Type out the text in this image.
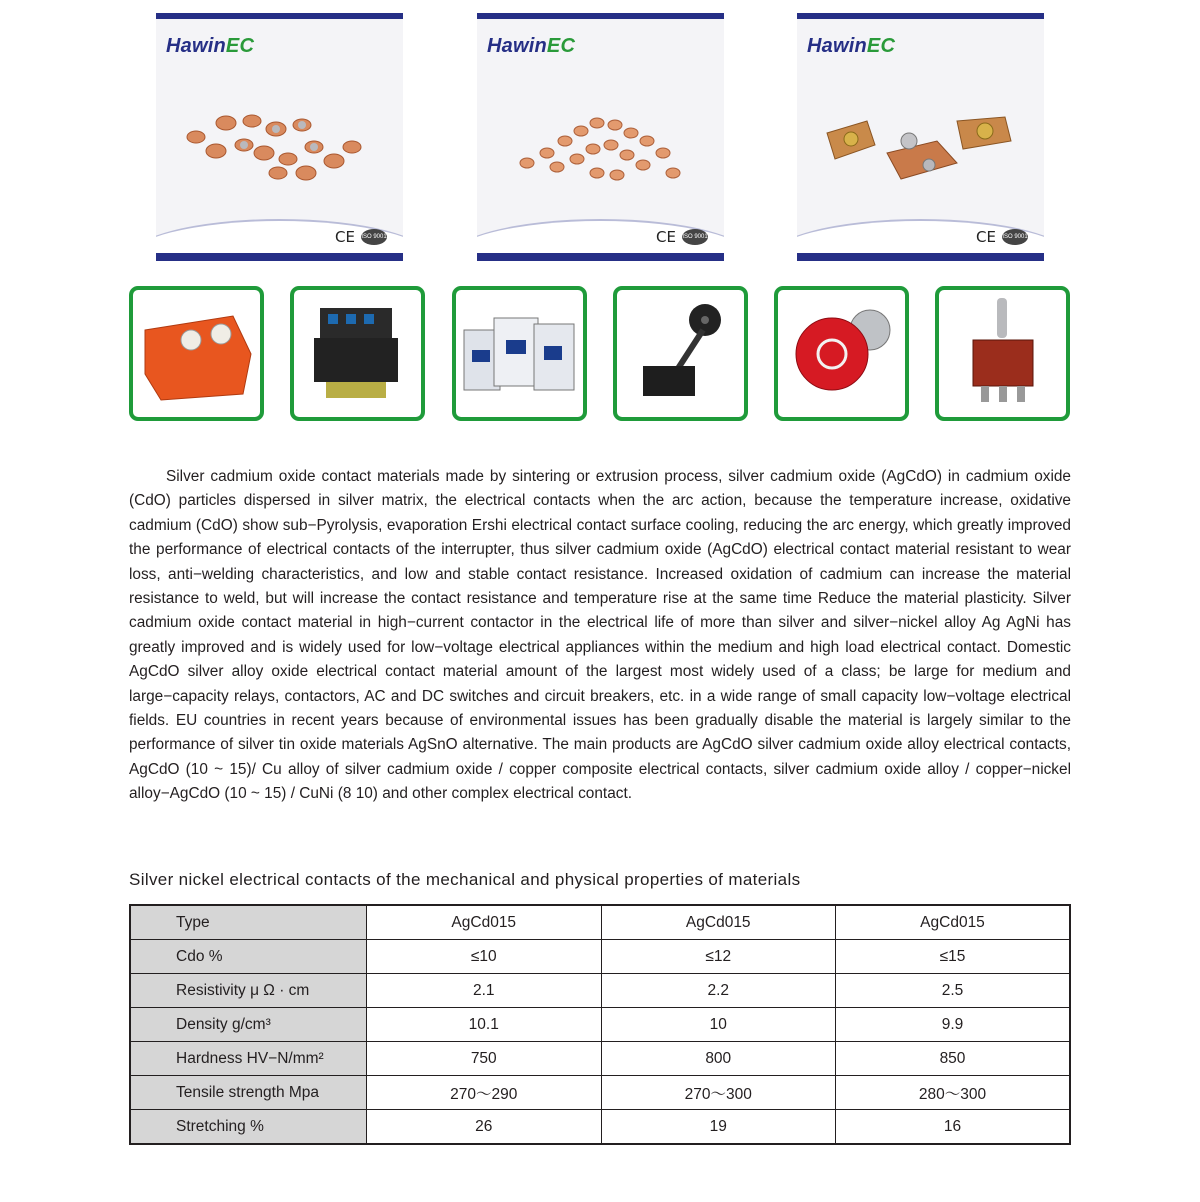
HawinEC
CE ISO 9001
HawinEC
CE ISO 9001
HawinEC
CE ISO 9001

Silver cadmium oxide contact materials made by sintering or extrusion process, silver cadmium oxide (AgCdO) in cadmium oxide (CdO) particles dispersed in silver matrix, the electrical contacts when the arc action, because the temperature increase, oxidative cadmium (CdO) show sub−Pyrolysis, evaporation Ershi electrical contact surface cooling, reducing the arc energy, which greatly improved the performance of electrical contacts of the interrupter, thus silver cadmium oxide (AgCdO) electrical contact material resistant to wear loss, anti−welding characteristics, and low and stable contact resistance. Increased oxidation of cadmium can increase the material resistance to weld, but will increase the contact resistance and temperature rise at the same time Reduce the material plasticity. Silver cadmium oxide contact material in high−current contactor in the electrical life of more than silver and silver−nickel alloy Ag AgNi has greatly improved and is widely used for low−voltage electrical appliances within the medium and high load electrical contact. Domestic AgCdO silver alloy oxide electrical contact material amount of the largest most widely used of a class; be large for medium and large−capacity relays, contactors, AC and DC switches and circuit breakers, etc. in a wide range of small capacity low−voltage electrical fields. EU countries in recent years because of environmental issues has been gradually disable the material is largely similar to the performance of silver tin oxide materials AgSnO alternative. The main products are AgCdO silver cadmium oxide alloy electrical contacts, AgCdO (10 ~ 15)/ Cu alloy of silver cadmium oxide / copper composite electrical contacts, silver cadmium oxide alloy / copper−nickel alloy−AgCdO (10 ~ 15) / CuNi (8 10) and other complex electrical contact.

Silver nickel electrical contacts of the mechanical and physical properties of materials
Type	AgCd015	AgCd015	AgCd015
Cdo %	≤10	≤12	≤15
Resistivity μ Ω · cm	2.1	2.2	2.5
Density g/cm³	10.1	10	9.9
Hardness HV−N/mm²	750	800	850
Tensile strength Mpa	270～290	270～300	280～300
Stretching %	26	19	16
